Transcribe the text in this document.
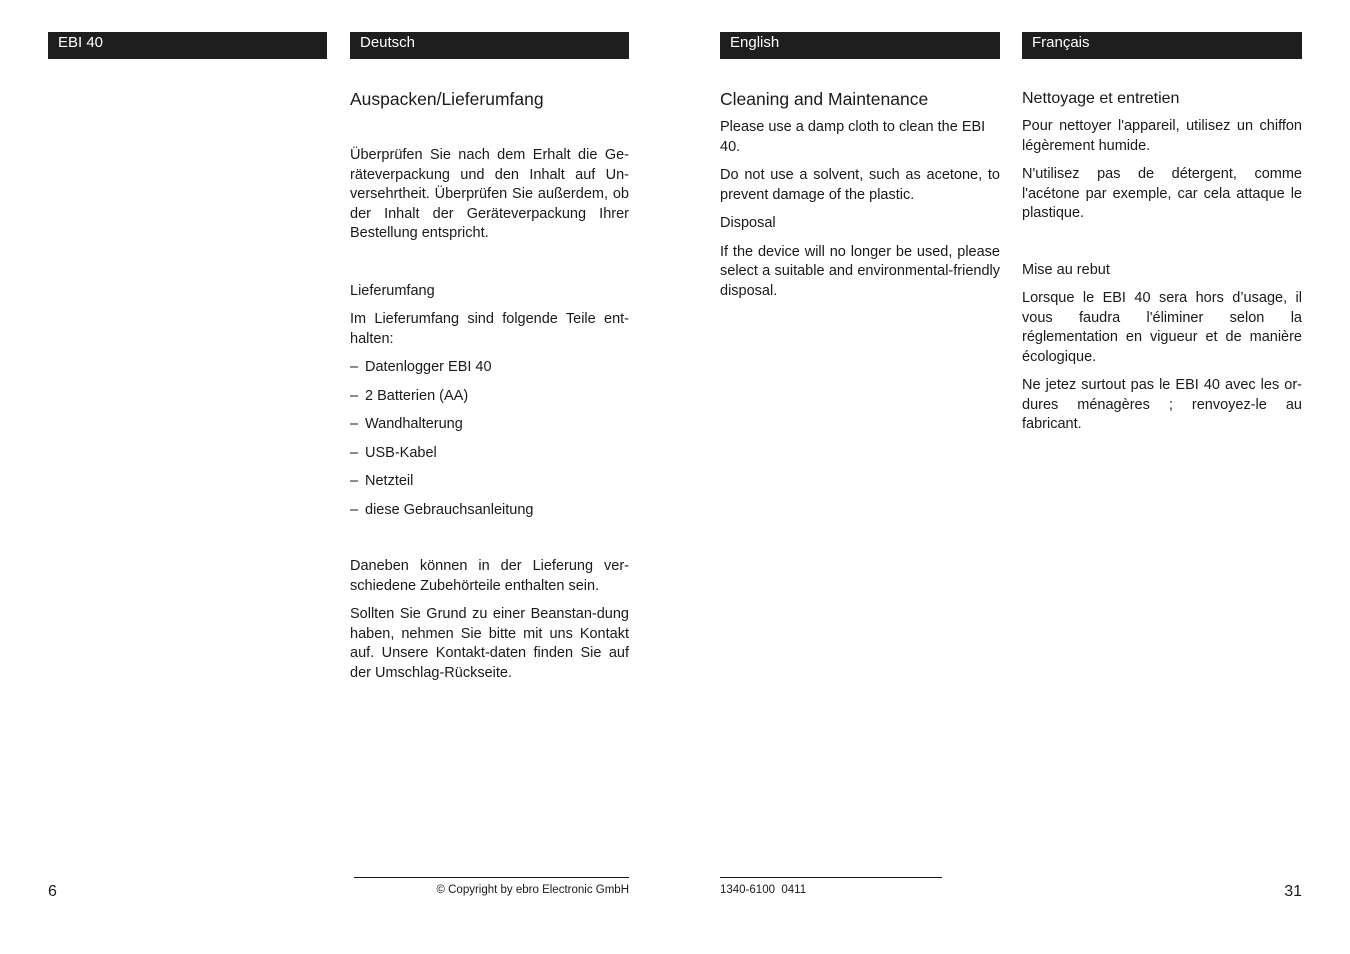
EBI 40	Deutsch	English	Français

Auspacken/Lieferumfang

Überprüfen Sie nach dem Erhalt die Ge-räteverpackung und den Inhalt auf Un-versehrtheit. Überprüfen Sie außerdem, ob der Inhalt der Geräteverpackung Ihrer Bestellung entspricht.

Lieferumfang

Im Lieferumfang sind folgende Teile ent-halten:

– Datenlogger EBI 40

– 2 Batterien (AA)

– Wandhalterung

– USB-Kabel

– Netzteil

– diese Gebrauchsanleitung

Daneben können in der Lieferung ver-schiedene Zubehörteile enthalten sein.

Sollten Sie Grund zu einer Beanstan-dung haben, nehmen Sie bitte mit uns Kontakt auf. Unsere Kontakt-daten finden Sie auf der Umschlag-Rückseite.

Cleaning and Maintenance

Please use a damp cloth to clean the EBI 40.

Do not use a solvent, such as acetone, to prevent damage of the plastic.

Disposal

If the device will no longer be used, please select a suitable and environmental-friendly disposal.

Nettoyage et entretien

Pour nettoyer l'appareil, utilisez un chiffon légèrement humide.

N'utilisez pas de détergent, comme l'acétone par exemple, car cela attaque le plastique.

Mise au rebut

Lorsque le EBI 40 sera hors d’usage, il vous faudra l'éliminer selon la réglementation en vigueur et de manière écologique.

Ne jetez surtout pas le EBI 40 avec les or-dures ménagères ; renvoyez-le au fabricant.

6	31
© Copyright by ebro Electronic GmbH	1340-6100  0411
